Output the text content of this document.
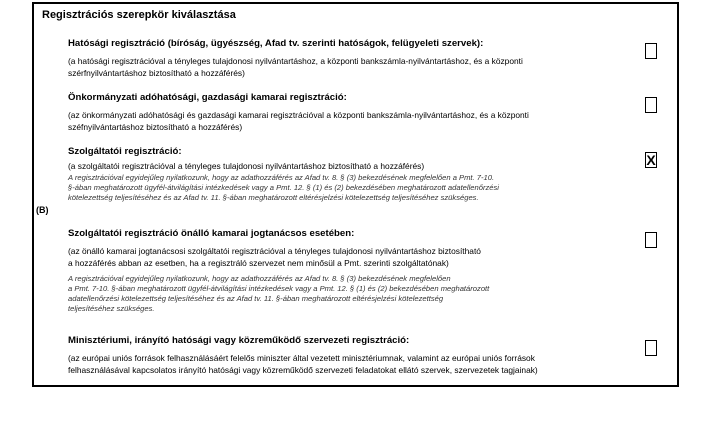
Regisztrációs szerepkör kiválasztása
(B)
Hatósági regisztráció (bíróság, ügyészség, Afad tv. szerinti hatóságok, felügyeleti szervek):
(a hatósági regisztrációval a tényleges tulajdonosi nyilvántartáshoz, a központi bankszámla-nyilvántartáshoz, és a központi
szérfnyilvántartáshoz biztosítható a hozzáférés)
Önkormányzati adóhatósági, gazdasági kamarai regisztráció:
(az önkormányzati adóhatósági és gazdasági kamarai regisztrációval a központi bankszámla-nyilvántartáshoz, és a központi
széfnyilvántartáshoz biztosítható a hozzáférés)
Szolgáltatói regisztráció:
(a szolgáltatói regisztrációval a tényleges tulajdonosi nyilvántartáshoz biztosítható a hozzáférés)
A regisztrációval egyidejűleg nyilatkozunk, hogy az adathozzáférés az Afad tv. 8. § (3) bekezdésének megfelelően a Pmt. 7-10.
§-ában meghatározott ügyfél-átvilágítási intézkedések vagy a Pmt. 12. § (1) és (2) bekezdésében meghatározott adatellenőrzési
kötelezettség teljesítéséhez és az Afad tv. 11. §-ában meghatározott eltérésjelzési kötelezettség teljesítéséhez szükséges.
X
Szolgáltatói regisztráció önálló kamarai jogtanácsos esetében:
(az önálló kamarai jogtanácsosi szolgáltatói regisztrációval a tényleges tulajdonosi nyilvántartáshoz biztosítható
a hozzáférés abban az esetben, ha a regisztráló szervezet nem minősül a Pmt. szerinti szolgáltatónak)
A regisztrációval egyidejűleg nyilatkozunk, hogy az adathozzáférés az Afad tv. 8. § (3) bekezdésének megfelelően
a Pmt. 7-10. §-ában meghatározott ügyfél-átvilágítási intézkedések vagy a Pmt. 12. § (1) és (2) bekezdésében meghatározott
adatellenőrzési kötelezettség teljesítéséhez és az Afad tv. 11. §-ában meghatározott eltérésjelzési kötelezettség
teljesítéséhez szükséges.
Minisztériumi, irányító hatósági vagy közreműködő szervezeti regisztráció:
(az európai uniós források felhasználásáért felelős miniszter által vezetett minisztériumnak, valamint az európai uniós források
felhasználásával kapcsolatos irányító hatósági vagy közreműködő szervezeti feladatokat ellátó szervek, szervezetek tagjainak)
